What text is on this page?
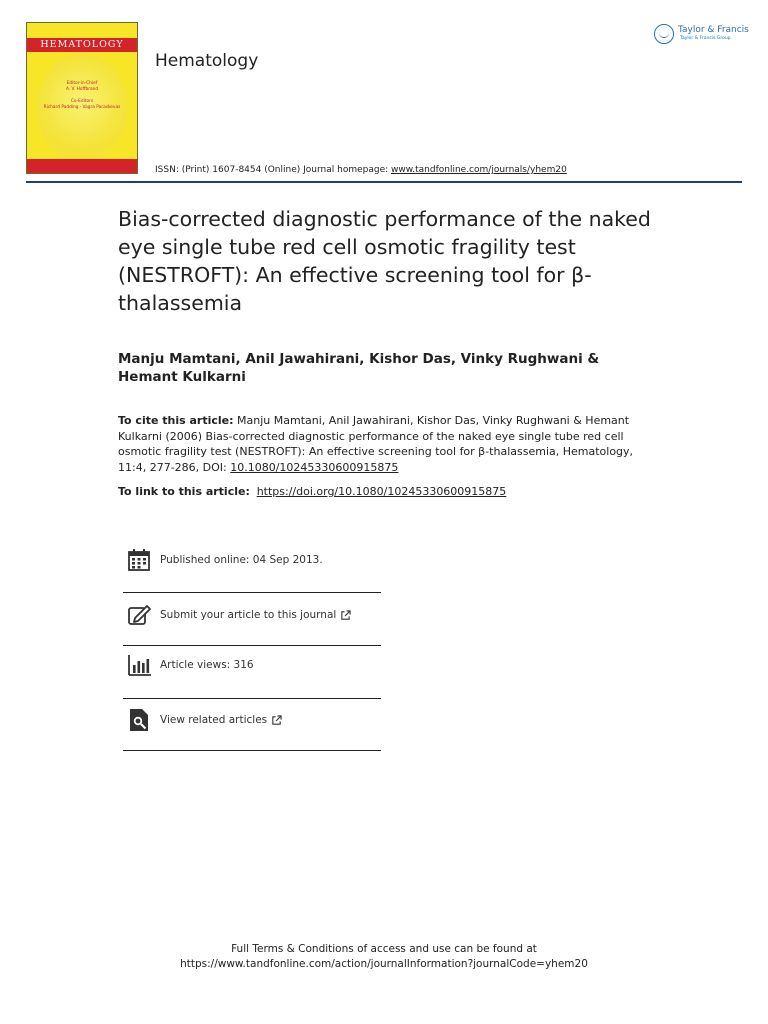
HEMATOLOGY
Editor-in-Chief
A. V. Hoffbrand
Co-Editors
Richard Padding · Vagra Paraskevas
Hematology
ISSN: (Print) 1607-8454 (Online) Journal homepage: www.tandfonline.com/journals/yhem20
Taylor & Francis
Taylor & Francis Group
Bias-corrected diagnostic performance of the naked eye single tube red cell osmotic fragility test (NESTROFT): An effective screening tool for β-thalassemia
Manju Mamtani, Anil Jawahirani, Kishor Das, Vinky Rughwani & Hemant Kulkarni
To cite this article: Manju Mamtani, Anil Jawahirani, Kishor Das, Vinky Rughwani & Hemant Kulkarni (2006) Bias-corrected diagnostic performance of the naked eye single tube red cell osmotic fragility test (NESTROFT): An effective screening tool for β-thalassemia, Hematology, 11:4, 277-286, DOI: 10.1080/10245330600915875
To link to this article: https://doi.org/10.1080/10245330600915875
Published online: 04 Sep 2013.
Submit your article to this journal
Article views: 316
View related articles
Full Terms & Conditions of access and use can be found at
https://www.tandfonline.com/action/journalInformation?journalCode=yhem20
